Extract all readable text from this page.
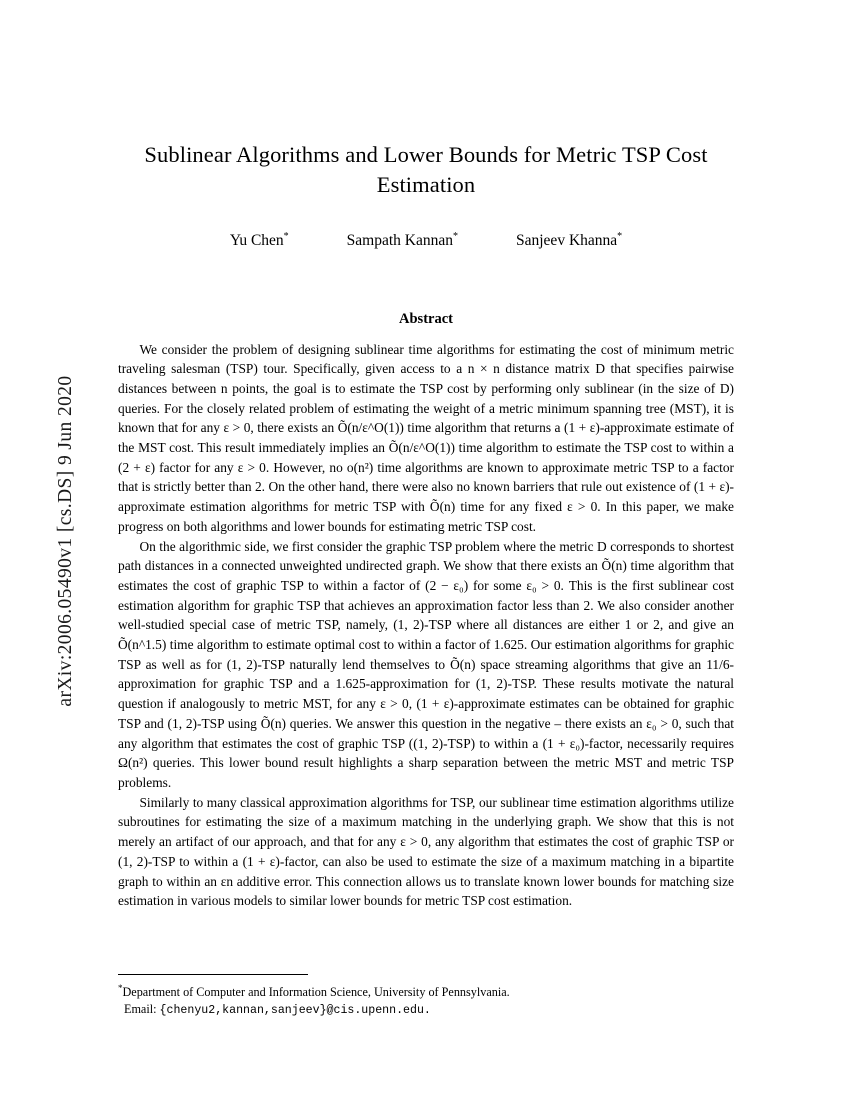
arXiv:2006.05490v1 [cs.DS] 9 Jun 2020
Sublinear Algorithms and Lower Bounds for Metric TSP Cost Estimation
Yu Chen*	Sampath Kannan*	Sanjeev Khanna*
Abstract

We consider the problem of designing sublinear time algorithms for estimating the cost of minimum metric traveling salesman (TSP) tour. Specifically, given access to a n × n distance matrix D that specifies pairwise distances between n points, the goal is to estimate the TSP cost by performing only sublinear (in the size of D) queries. For the closely related problem of estimating the weight of a metric minimum spanning tree (MST), it is known that for any ε > 0, there exists an Õ(n/ε^O(1)) time algorithm that returns a (1 + ε)-approximate estimate of the MST cost. This result immediately implies an Õ(n/ε^O(1)) time algorithm to estimate the TSP cost to within a (2 + ε) factor for any ε > 0. However, no o(n²) time algorithms are known to approximate metric TSP to a factor that is strictly better than 2. On the other hand, there were also no known barriers that rule out existence of (1 + ε)-approximate estimation algorithms for metric TSP with Õ(n) time for any fixed ε > 0. In this paper, we make progress on both algorithms and lower bounds for estimating metric TSP cost.

On the algorithmic side, we first consider the graphic TSP problem where the metric D corresponds to shortest path distances in a connected unweighted undirected graph. We show that there exists an Õ(n) time algorithm that estimates the cost of graphic TSP to within a factor of (2 − ε₀) for some ε₀ > 0. This is the first sublinear cost estimation algorithm for graphic TSP that achieves an approximation factor less than 2. We also consider another well-studied special case of metric TSP, namely, (1, 2)-TSP where all distances are either 1 or 2, and give an Õ(n^1.5) time algorithm to estimate optimal cost to within a factor of 1.625. Our estimation algorithms for graphic TSP as well as for (1, 2)-TSP naturally lend themselves to Õ(n) space streaming algorithms that give an 11/6-approximation for graphic TSP and a 1.625-approximation for (1, 2)-TSP. These results motivate the natural question if analogously to metric MST, for any ε > 0, (1 + ε)-approximate estimates can be obtained for graphic TSP and (1, 2)-TSP using Õ(n) queries. We answer this question in the negative – there exists an ε₀ > 0, such that any algorithm that estimates the cost of graphic TSP ((1, 2)-TSP) to within a (1 + ε₀)-factor, necessarily requires Ω(n²) queries. This lower bound result highlights a sharp separation between the metric MST and metric TSP problems.

Similarly to many classical approximation algorithms for TSP, our sublinear time estimation algorithms utilize subroutines for estimating the size of a maximum matching in the underlying graph. We show that this is not merely an artifact of our approach, and that for any ε > 0, any algorithm that estimates the cost of graphic TSP or (1, 2)-TSP to within a (1 + ε)-factor, can also be used to estimate the size of a maximum matching in a bipartite graph to within an εn additive error. This connection allows us to translate known lower bounds for matching size estimation in various models to similar lower bounds for metric TSP cost estimation.

*Department of Computer and Information Science, University of Pennsylvania.
Email: {chenyu2,kannan,sanjeev}@cis.upenn.edu.
